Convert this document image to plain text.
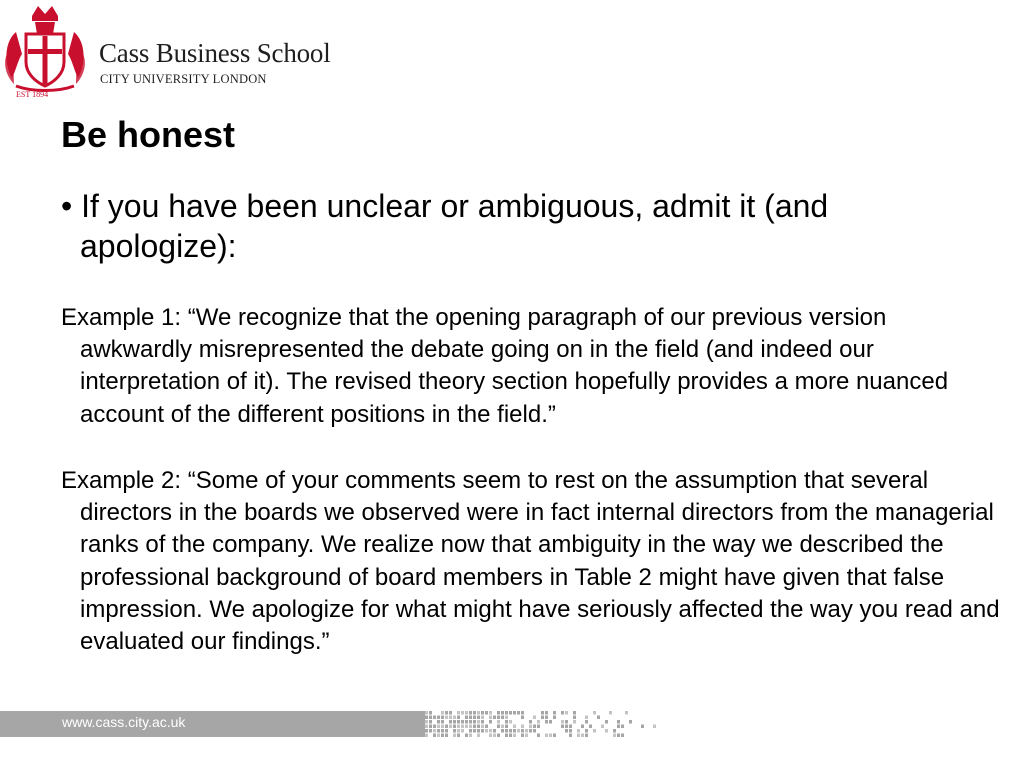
EST 1894
Cass Business School
CITY UNIVERSITY LONDON
Be honest

• If you have been unclear or ambiguous, admit it (and apologize):

Example 1: “We recognize that the opening paragraph of our previous version awkwardly misrepresented the debate going on in the field (and indeed our interpretation of it). The revised theory section hopefully provides a more nuanced account of the different positions in the field.”

Example 2: “Some of your comments seem to rest on the assumption that several directors in the boards we observed were in fact internal directors from the managerial ranks of the company. We realize now that ambiguity in the way we described the professional background of board members in Table 2 might have given that false impression. We apologize for what might have seriously affected the way you read and evaluated our findings.”

www.cass.city.ac.uk
